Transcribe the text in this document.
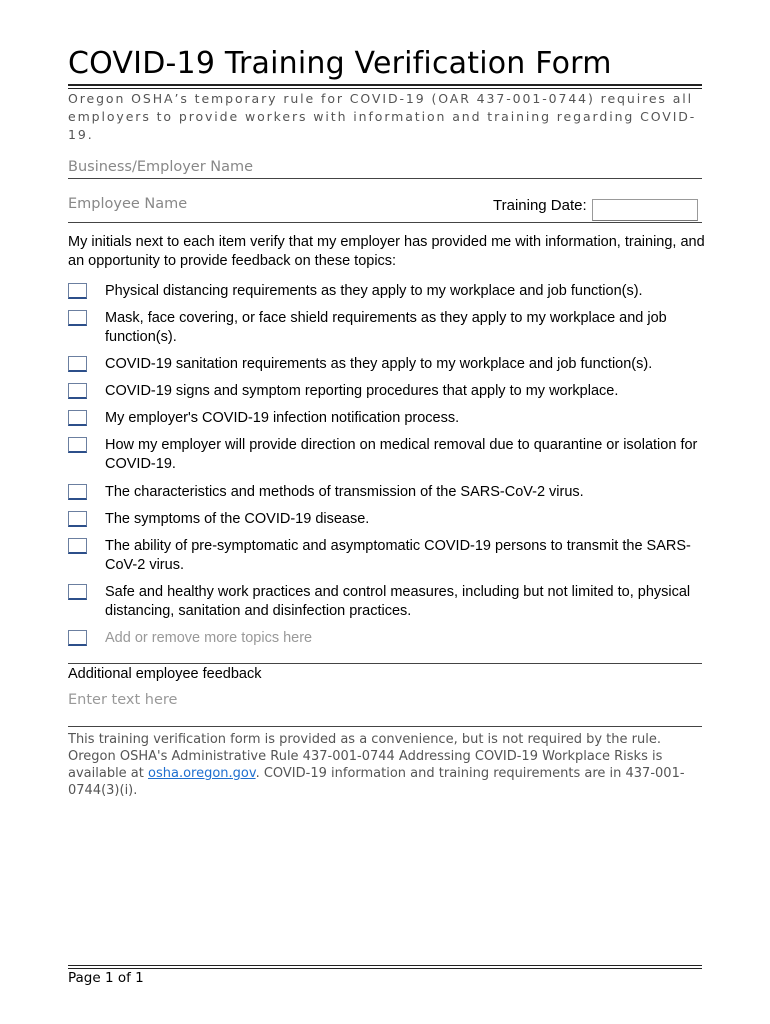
COVID-19 Training Verification Form
Oregon OSHA’s temporary rule for COVID-19 (OAR 437-001-0744) requires all employers to provide workers with information and training regarding COVID-19.
Business/Employer Name
Employee Name	Training Date:
My initials next to each item verify that my employer has provided me with information, training, and an opportunity to provide feedback on these topics:
Physical distancing requirements as they apply to my workplace and job function(s).
Mask, face covering, or face shield requirements as they apply to my workplace and job function(s).
COVID-19 sanitation requirements as they apply to my workplace and job function(s).
COVID-19 signs and symptom reporting procedures that apply to my workplace.
My employer's COVID-19 infection notification process.
How my employer will provide direction on medical removal due to quarantine or isolation for COVID-19.
The characteristics and methods of transmission of the SARS-CoV-2 virus.
The symptoms of the COVID-19 disease.
The ability of pre-symptomatic and asymptomatic COVID-19 persons to transmit the SARS-CoV-2 virus.
Safe and healthy work practices and control measures, including but not limited to, physical distancing, sanitation and disinfection practices.
Add or remove more topics here
Additional employee feedback
Enter text here
This training verification form is provided as a convenience, but is not required by the rule. Oregon OSHA's Administrative Rule 437-001-0744 Addressing COVID-19 Workplace Risks is available at osha.oregon.gov. COVID-19 information and training requirements are in 437-001-0744(3)(i).
Page 1 of 1
